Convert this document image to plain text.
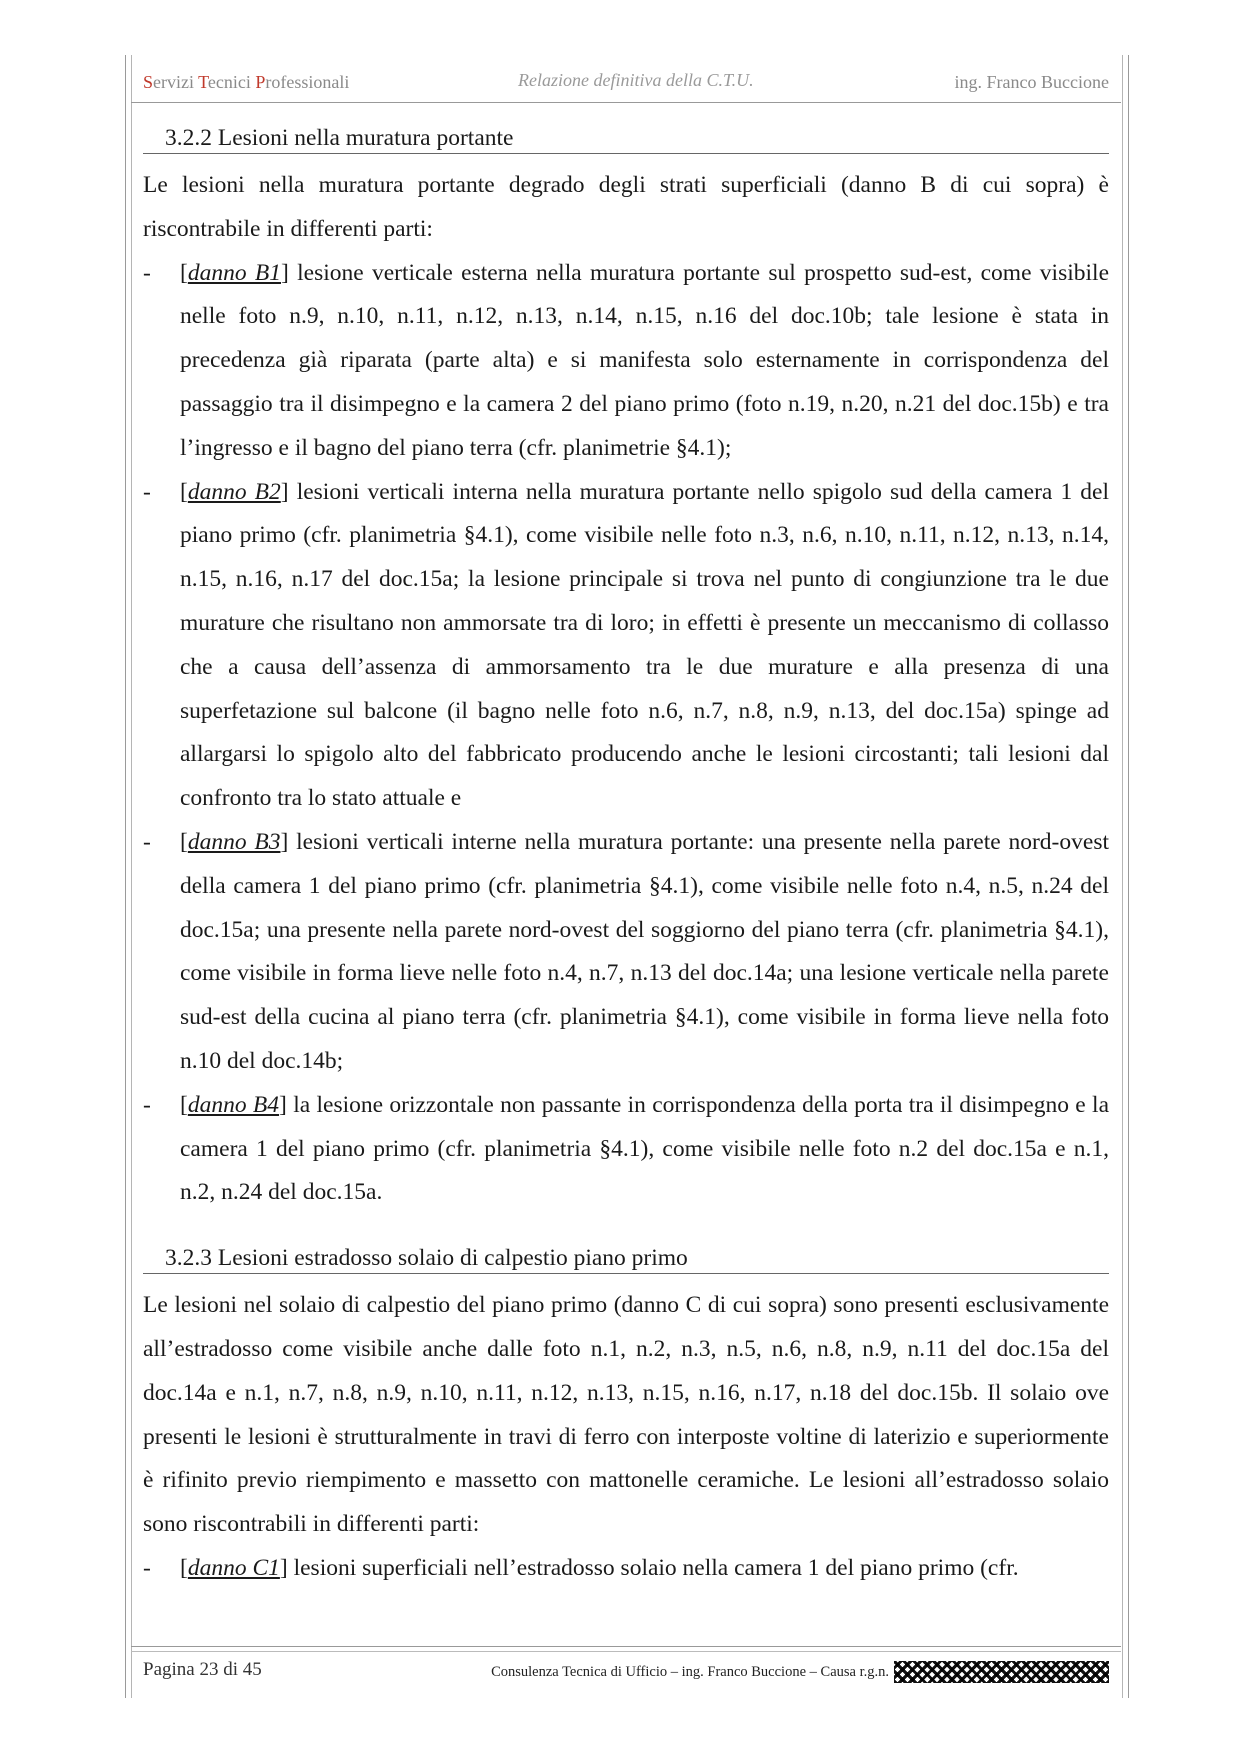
Servizi Tecnici Professionali	Relazione definitiva della C.T.U.	ing. Franco Buccione
3.2.2 Lesioni nella muratura portante

Le lesioni nella muratura portante degrado degli strati superficiali (danno B di cui sopra) è riscontrabile in differenti parti:

- [danno B1] lesione verticale esterna nella muratura portante sul prospetto sud-est, come visibile nelle foto n.9, n.10, n.11, n.12, n.13, n.14, n.15, n.16 del doc.10b; tale lesione è stata in precedenza già riparata (parte alta) e si manifesta solo esternamente in corrispondenza del passaggio tra il disimpegno e la camera 2 del piano primo (foto n.19, n.20, n.21 del doc.15b) e tra l’ingresso e il bagno del piano terra (cfr. planimetrie §4.1);
- [danno B2] lesioni verticali interna nella muratura portante nello spigolo sud della camera 1 del piano primo (cfr. planimetria §4.1), come visibile nelle foto n.3, n.6, n.10, n.11, n.12, n.13, n.14, n.15, n.16, n.17 del doc.15a; la lesione principale si trova nel punto di congiunzione tra le due murature che risultano non ammorsate tra di loro; in effetti è presente un meccanismo di collasso che a causa dell’assenza di ammorsamento tra le due murature e alla presenza di una superfetazione sul balcone (il bagno nelle foto n.6, n.7, n.8, n.9, n.13, del doc.15a) spinge ad allargarsi lo spigolo alto del fabbricato producendo anche le lesioni circostanti; tali lesioni dal confronto tra lo stato attuale e
- [danno B3] lesioni verticali interne nella muratura portante: una presente nella parete nord-ovest della camera 1 del piano primo (cfr. planimetria §4.1), come visibile nelle foto n.4, n.5, n.24 del doc.15a; una presente nella parete nord-ovest del soggiorno del piano terra (cfr. planimetria §4.1), come visibile in forma lieve nelle foto n.4, n.7, n.13 del doc.14a; una lesione verticale nella parete sud-est della cucina al piano terra (cfr. planimetria §4.1), come visibile in forma lieve nella foto n.10 del doc.14b;
- [danno B4] la lesione orizzontale non passante in corrispondenza della porta tra il disimpegno e la camera 1 del piano primo (cfr. planimetria §4.1), come visibile nelle foto n.2 del doc.15a e n.1, n.2, n.24 del doc.15a.
3.2.3 Lesioni estradosso solaio di calpestio piano primo

Le lesioni nel solaio di calpestio del piano primo (danno C di cui sopra) sono presenti esclusivamente all’estradosso come visibile anche dalle foto n.1, n.2, n.3, n.5, n.6, n.8, n.9, n.11 del doc.15a del doc.14a e n.1, n.7, n.8, n.9, n.10, n.11, n.12, n.13, n.15, n.16, n.17, n.18 del doc.15b. Il solaio ove presenti le lesioni è strutturalmente in travi di ferro con interposte voltine di laterizio e superiormente è rifinito previo riempimento e massetto con mattonelle ceramiche. Le lesioni all’estradosso solaio sono riscontrabili in differenti parti:

- [danno C1] lesioni superficiali nell’estradosso solaio nella camera 1 del piano primo (cfr.
Pagina 23 di 45	Consulenza Tecnica di Ufficio – ing. Franco Buccione – Causa r.g.n.
